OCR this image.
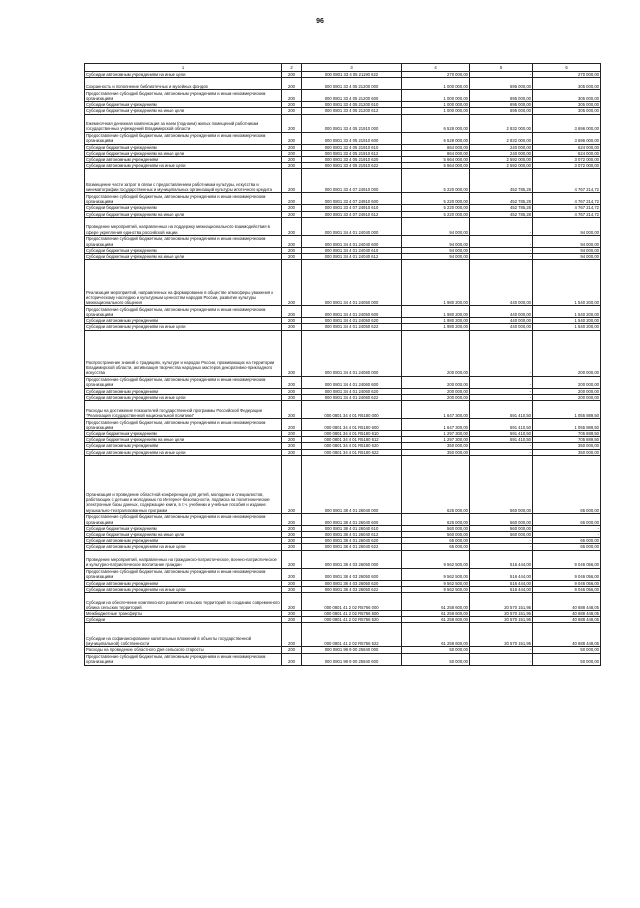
96
1	2	3	4	5	6
Субсидии автономным учреждениям на иные цели	200	000 0801 33 4 05 21190 622	270 000,00	-	270 000,00
Сохранность и пополнение библиотечных и музейных фондов	200	000 0801 33 4 05 21200 000	1 000 000,00	695 000,00	305 000,00
Предоставление субсидий бюджетным, автономным учреждениям и иным некоммерческим организациям	200	000 0801 33 4 05 21200 600	1 000 000,00	695 000,00	305 000,00
Субсидии бюджетным учреждениям	200	000 0801 33 4 05 21200 610	1 000 000,00	695 000,00	305 000,00
Субсидии бюджетным учреждениям на иные цели	200	000 0801 33 4 05 21200 612	1 000 000,00	695 000,00	305 000,00
Ежемесячная денежная компенсация за наем (поднаем) жилых помещений работникам государственных учреждений Владимирской области	200	000 0801 33 4 05 21910 000	6 528 000,00	2 832 000,00	3 696 000,00
Предоставление субсидий бюджетным, автономным учреждениям и иным некоммерческим организациям	200	000 0801 33 4 05 21910 600	6 528 000,00	2 832 000,00	3 696 000,00
Субсидии бюджетным учреждениям	200	000 0801 33 4 05 21910 610	864 000,00	240 000,00	624 000,00
Субсидии бюджетным учреждениям на иные цели	200	000 0801 33 4 05 21910 612	864 000,00	240 000,00	624 000,00
Субсидии автономным учреждениям	200	000 0801 33 4 05 21910 620	5 664 000,00	2 592 000,00	3 072 000,00
Субсидии автономным учреждениям на иные цели	200	000 0801 33 4 05 21910 622	5 664 000,00	2 592 000,00	3 072 000,00
Возмещение части затрат в связи с предоставлением работникам культуры, искусства и кинематографии государственных и муниципальных организаций культуры ипотечного кредита	200	000 0801 33 4 07 24910 000	5 220 000,00	452 785,28	4 767 214,72
Предоставление субсидий бюджетным, автономным учреждениям и иным некоммерческим организациям	200	000 0801 33 4 07 24910 600	5 220 000,00	452 785,28	4 767 214,72
Субсидии бюджетным учреждениям	200	000 0801 33 4 07 24910 610	5 220 000,00	452 785,28	4 767 214,72
Субсидии бюджетным учреждениям на иные цели	200	000 0801 33 4 07 24910 612	5 220 000,00	452 785,28	4 767 214,72
Проведение мероприятий, направленных на поддержку межнационального взаимодействия в сфере укрепления единства российской нации	200	000 0801 34 4 01 24040 000	94 000,00	-	94 000,00
Предоставление субсидий бюджетным, автономным учреждениям и иным некоммерческим организациям	200	000 0801 34 4 01 24040 600	94 000,00	-	94 000,00
Субсидии бюджетным учреждениям	200	000 0801 34 4 01 24040 610	94 000,00	-	94 000,00
Субсидии бюджетным учреждениям на иные цели	200	000 0801 34 4 01 24040 612	94 000,00	-	94 000,00
Реализация мероприятий, направленных на формирование в обществе атмосферы уважения к историческому наследию и культурным ценностям народов России, развитие культуры межнационального общения	200	000 0801 34 4 01 24050 000	1 980 200,00	440 000,00	1 540 200,00
Предоставление субсидий бюджетным, автономным учреждениям и иным некоммерческим организациям	200	000 0801 34 4 01 24050 600	1 980 200,00	440 000,00	1 540 200,00
Субсидии автономным учреждениям	200	000 0801 34 4 01 24050 620	1 980 200,00	440 000,00	1 540 200,00
Субсидии автономным учреждениям на иные цели	200	000 0801 34 4 01 24050 622	1 980 200,00	440 000,00	1 540 200,00
Распространение знаний о традициях, культуре и народах России, проживающих на территории Владимирской области, активизация творчества народных мастеров декоративно-прикладного искусства	200	000 0801 34 4 01 24060 000	200 000,00	-	200 000,00
Предоставление субсидий бюджетным, автономным учреждениям и иным некоммерческим организациям	200	000 0801 34 4 01 24060 600	200 000,00	-	200 000,00
Субсидии автономным учреждениям	200	000 0801 34 4 01 24060 620	200 000,00	-	200 000,00
Субсидии автономным учреждениям на иные цели	200	000 0801 34 4 01 24060 622	200 000,00	-	200 000,00
Расходы на достижение показателей государственной программы Российской Федерации "Реализация государственной национальной политики"	200	000 0801 34 4 01 R5180 000	1 647 300,00	591 410,50	1 055 889,50
Предоставление субсидий бюджетным, автономным учреждениям и иным некоммерческим организациям	200	000 0801 34 4 01 R5180 600	1 647 300,00	591 410,50	1 055 889,50
Субсидии бюджетным учреждениям	200	000 0801 34 4 01 R5180 610	1 297 300,00	591 410,50	705 889,50
Субсидии бюджетным учреждениям на иные цели	200	000 0801 34 4 01 R5180 612	1 297 300,00	591 410,50	705 889,50
Субсидии автономным учреждениям	200	000 0801 34 4 01 R5180 620	350 000,00	-	350 000,00
Субсидии автономным учреждениям на иные цели	200	000 0801 34 4 01 R5180 622	350 000,00	-	350 000,00
Организация и проведение областной конференции для детей, молодежи и специалистов, работающих с детьми и молодежью по Интернет-безопасности, подписка на политехнические электронные базы данных, содержащие книги, в т.ч. учебники и учебные пособия и издание музыкально-театрализованных программ	200	000 0801 38 4 01 26040 000	625 000,00	560 000,00	65 000,00
Предоставление субсидий бюджетным, автономным учреждениям и иным некоммерческим организациям	200	000 0801 38 4 01 26040 600	625 000,00	560 000,00	65 000,00
Субсидии бюджетным учреждениям	200	000 0801 38 4 01 26040 610	560 000,00	560 000,00	-
Субсидии бюджетным учреждениям на иные цели	200	000 0801 38 4 01 26040 612	560 000,00	560 000,00	-
Субсидии автономным учреждениям	200	000 0801 38 4 01 26040 620	65 000,00	-	65 000,00
Субсидии автономным учреждениям на иные цели	200	000 0801 38 4 01 26040 622	65 000,00	-	65 000,00
Проведение мероприятий, направленных на гражданско-патриотическое, военно-патриотическое и культурно-патриотическое воспитание граждан	200	000 0801 38 4 03 26050 000	9 562 500,00	516 444,00	9 046 056,00
Предоставление субсидий бюджетным, автономным учреждениям и иным некоммерческим организациям	200	000 0801 38 4 03 26050 600	9 562 500,00	516 444,00	9 046 056,00
Субсидии автономным учреждениям	200	000 0801 38 4 03 26050 620	9 562 500,00	516 444,00	9 046 056,00
Субсидии автономным учреждениям на иные цели	200	000 0801 38 4 03 26050 622	9 562 500,00	516 444,00	9 046 056,00
Субсидии на обеспечение комплексного развития сельских территорий по созданию современного облика сельских территорий	200	000 0801 41 2 02 R5766 000	61 258 600,00	20 570 151,95	40 688 448,05
Межбюджетные трансферты	200	000 0801 41 2 02 R5766 500	61 258 600,00	20 570 151,95	40 688 448,05
Субсидии	200	000 0801 41 2 02 R5766 520	61 258 600,00	20 570 151,95	40 688 448,05
Субсидии на софинансирование капитальных вложений в объекты государственной (муниципальной) собственности	200	000 0801 41 2 02 R5766 522	61 258 600,00	20 570 151,95	40 688 448,05
Расходы на проведение областного Дня сельского старосты	200	000 0801 99 9 00 25940 000	50 000,00	-	50 000,00
Предоставление субсидий бюджетным, автономным учреждениям и иным некоммерческим организациям	200	000 0801 99 9 00 25940 600	50 000,00	-	50 000,00
